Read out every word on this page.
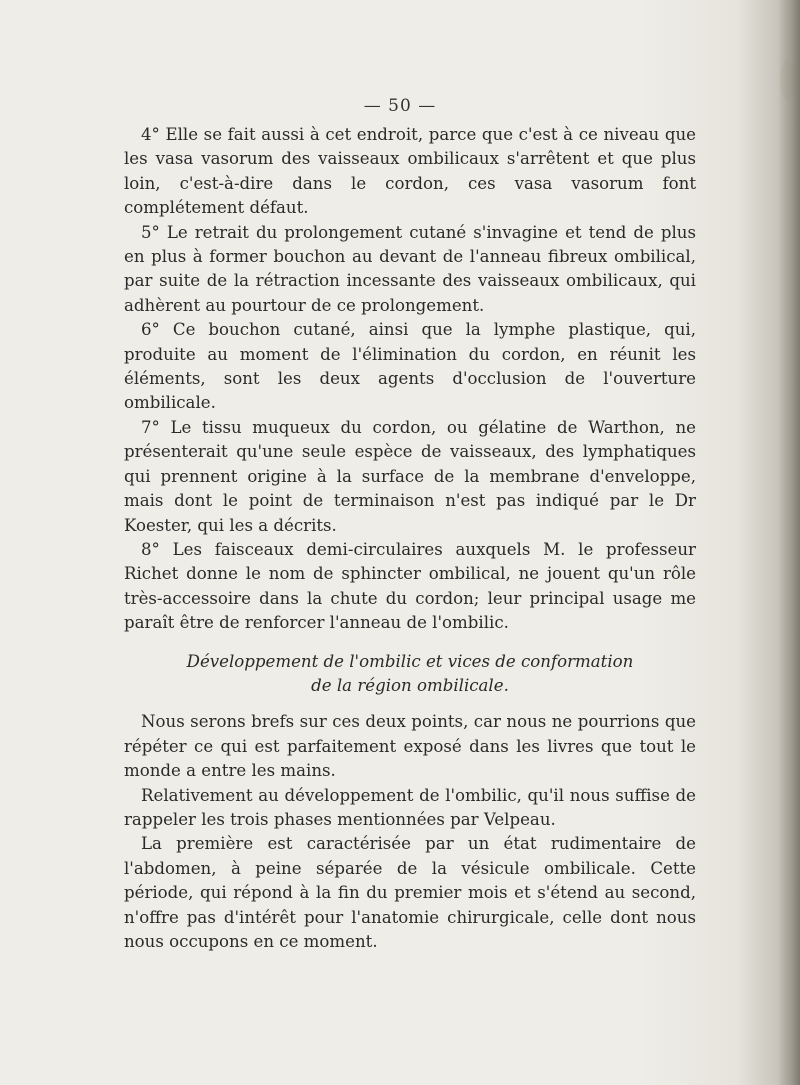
— 50 —

4° Elle se fait aussi à cet endroit, parce que c'est à ce niveau que les vasa vasorum des vaisseaux ombilicaux s'arrêtent et que plus loin, c'est-à-dire dans le cordon, ces vasa vasorum font complétement défaut.

5° Le retrait du prolongement cutané s'invagine et tend de plus en plus à former bouchon au devant de l'anneau fibreux ombilical, par suite de la rétraction incessante des vaisseaux ombilicaux, qui adhèrent au pourtour de ce prolongement.

6° Ce bouchon cutané, ainsi que la lymphe plastique, qui, produite au moment de l'élimination du cordon, en réunit les éléments, sont les deux agents d'occlusion de l'ouverture ombilicale.

7° Le tissu muqueux du cordon, ou gélatine de Warthon, ne présenterait qu'une seule espèce de vaisseaux, des lymphatiques qui prennent origine à la surface de la membrane d'enveloppe, mais dont le point de terminaison n'est pas indiqué par le Dr Koester, qui les a décrits.

8° Les faisceaux demi-circulaires auxquels M. le professeur Richet donne le nom de sphincter ombilical, ne jouent qu'un rôle très-accessoire dans la chute du cordon; leur principal usage me paraît être de renforcer l'anneau de l'ombilic.

Développement de l'ombilic et vices de conformation
de la région ombilicale.

Nous serons brefs sur ces deux points, car nous ne pourrions que répéter ce qui est parfaitement exposé dans les livres que tout le monde a entre les mains.

Relativement au développement de l'ombilic, qu'il nous suffise de rappeler les trois phases mentionnées par Velpeau.

La première est caractérisée par un état rudimentaire de l'abdomen, à peine séparée de la vésicule ombilicale. Cette période, qui répond à la fin du premier mois et s'étend au second, n'offre pas d'intérêt pour l'anatomie chirurgicale, celle dont nous nous occupons en ce moment.
